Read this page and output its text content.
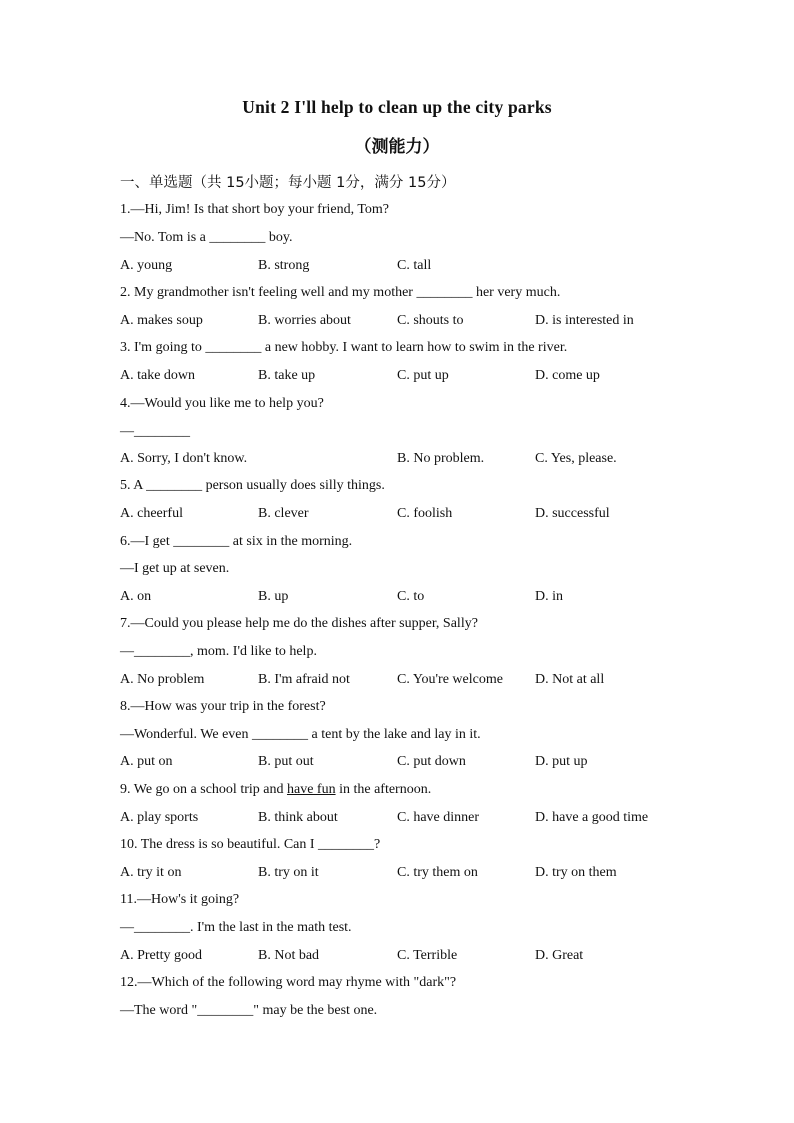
Unit 2 I'll help to clean up the city parks
（测能力）
一、单选题（共 15小题；每小题 1分，满分 15分）
1.—Hi, Jim! Is that short boy your friend, Tom?
—No. Tom is a ________ boy.
A. young	B. strong	C. tall
2. My grandmother isn't feeling well and my mother ________ her very much.
A. makes soup	B. worries about	C. shouts to	D. is interested in
3. I'm going to ________ a new hobby. I want to learn how to swim in the river.
A. take down	B. take up	C. put up	D. come up
4.—Would you like me to help you?
—________
A. Sorry, I don't know.	B. No problem.	C. Yes, please.
5. A ________ person usually does silly things.
A. cheerful	B. clever	C. foolish	D. successful
6.—I get ________ at six in the morning.
—I get up at seven.
A. on	B. up	C. to	D. in
7.—Could you please help me do the dishes after supper, Sally?
—________, mom. I'd like to help.
A. No problem	B. I'm afraid not	C. You're welcome D. Not at all
8.—How was your trip in the forest?
—Wonderful. We even ________ a tent by the lake and lay in it.
A. put on	B. put out	C. put down	D. put up
9. We go on a school trip and have fun in the afternoon.
A. play sports	B. think about	C. have dinner	D. have a good time
10. The dress is so beautiful. Can I ________?
A. try it on	B. try on it	C. try them on	D. try on them
11.—How's it going?
—________. I'm the last in the math test.
A. Pretty good	B. Not bad	C. Terrible	D. Great
12.—Which of the following word may rhyme with "dark"?
—The word "________" may be the best one.
